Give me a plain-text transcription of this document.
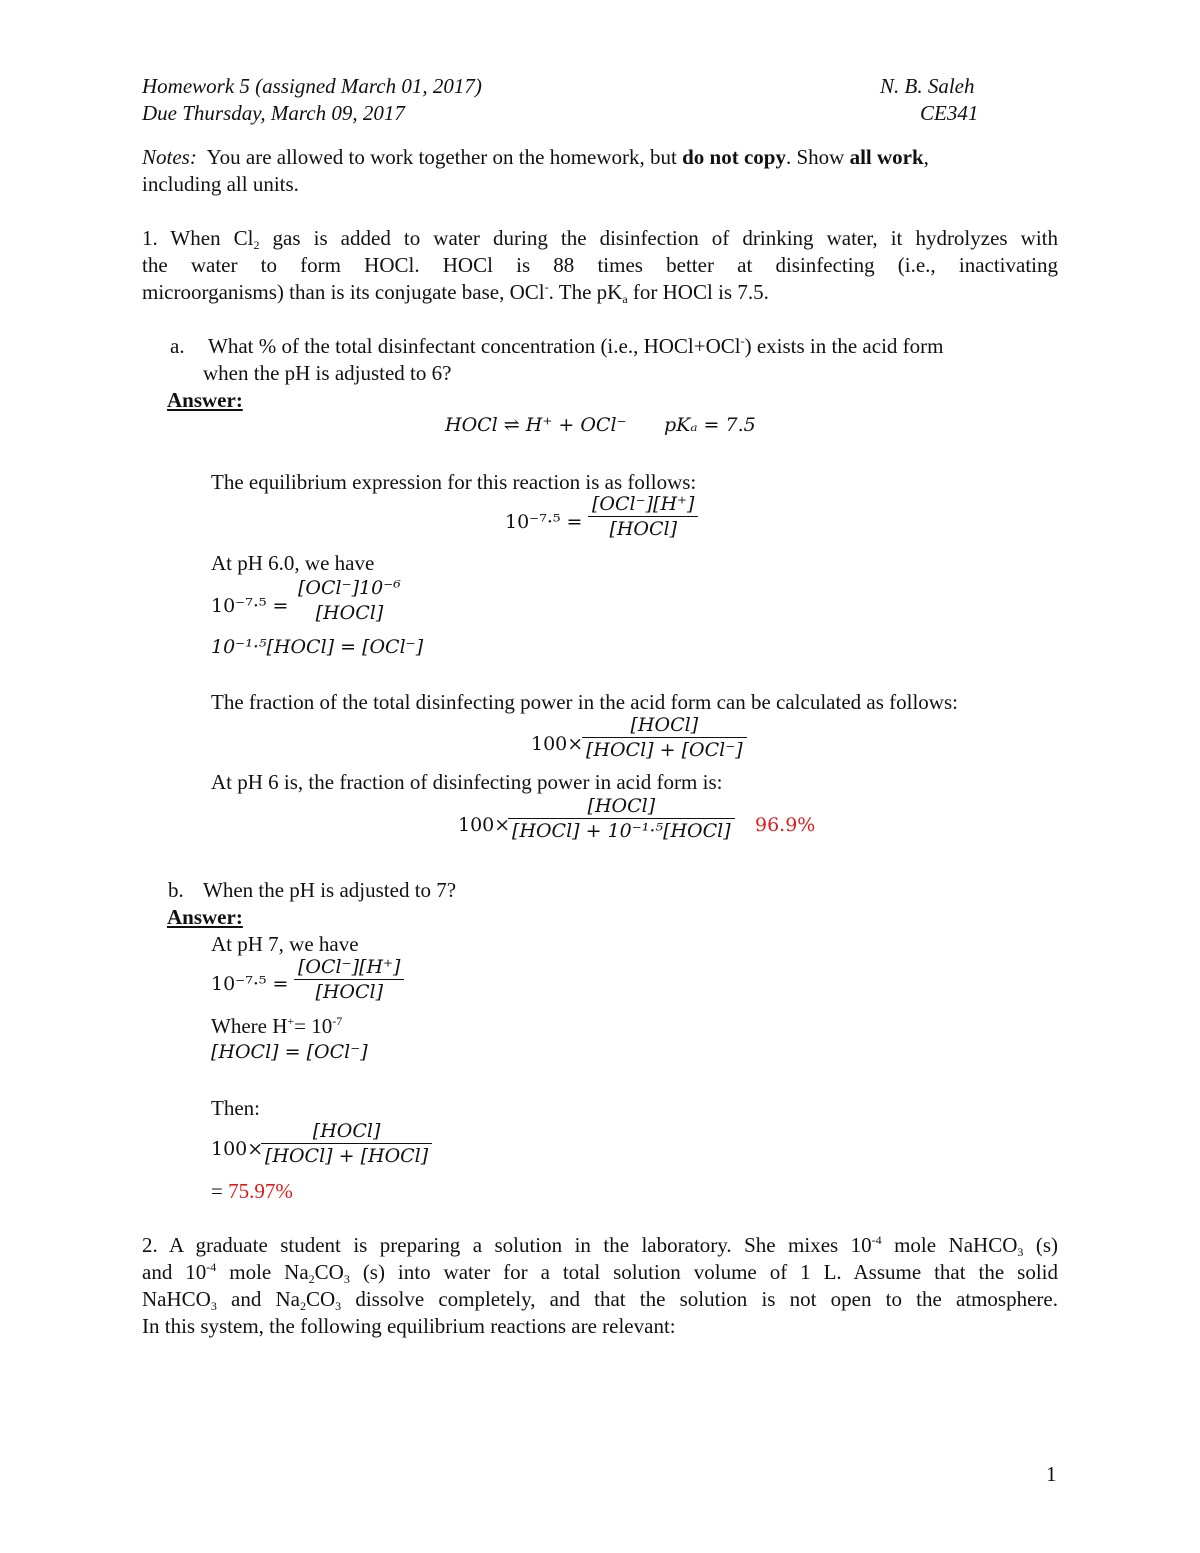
Homework 5 (assigned March 01, 2017)	N. B. Saleh
Due Thursday, March 09, 2017	CE341
Notes: You are allowed to work together on the homework, but do not copy. Show all work,
including all units.
1. When $Cl_2$ gas is added to water during the disinfection of drinking water, it hydrolyzes with
the water to form HOCl. HOCl is 88 times better at disinfecting (i.e., inactivating
microorganisms) than is its conjugate base, OCl-. The $pK_a$ for HOCl is 7.5.
a. What % of the total disinfectant concentration (i.e., HOCl+OCl-) exists in the acid form
when the pH is adjusted to 6?
Answer:
HOCl ⇌ H⁺ + OCl⁻ pKₐ = 7.5
The equilibrium expression for this reaction is as follows:
10⁻⁷·⁵ =
[OCl⁻][H⁺]
[HOCl]
At pH 6.0, we have
10⁻⁷·⁵ =
[OCl⁻]10⁻⁶
[HOCl]
10⁻¹·⁵[HOCl] = [OCl⁻]
The fraction of the total disinfecting power in the acid form can be calculated as follows:
100×
[HOCl]
[HOCl] + [OCl⁻]
At pH 6 is, the fraction of disinfecting power in acid form is:
100×
[HOCl]
[HOCl] + 10⁻¹·⁵[HOCl] 96.9%
b. When the pH is adjusted to 7?
Answer:
At pH 7, we have
10⁻⁷·⁵ =
[OCl⁻][H⁺]
[HOCl]
Where $H^+= 10^{-7}$
[HOCl] = [OCl⁻]
Then:
100×
[HOCl]
[HOCl] + [HOCl]
= 75.97%
2. A graduate student is preparing a solution in the laboratory. She mixes $10^{-4}$ mole NaHCO$_3$ (s)
and $10^{-4}$ mole $Na_2CO_3$ (s) into water for a total solution volume of 1 L. Assume that the solid
NaHCO$_3$ and $Na_2CO_3$ dissolve completely, and that the solution is not open to the atmosphere.
In this system, the following equilibrium reactions are relevant:
1
